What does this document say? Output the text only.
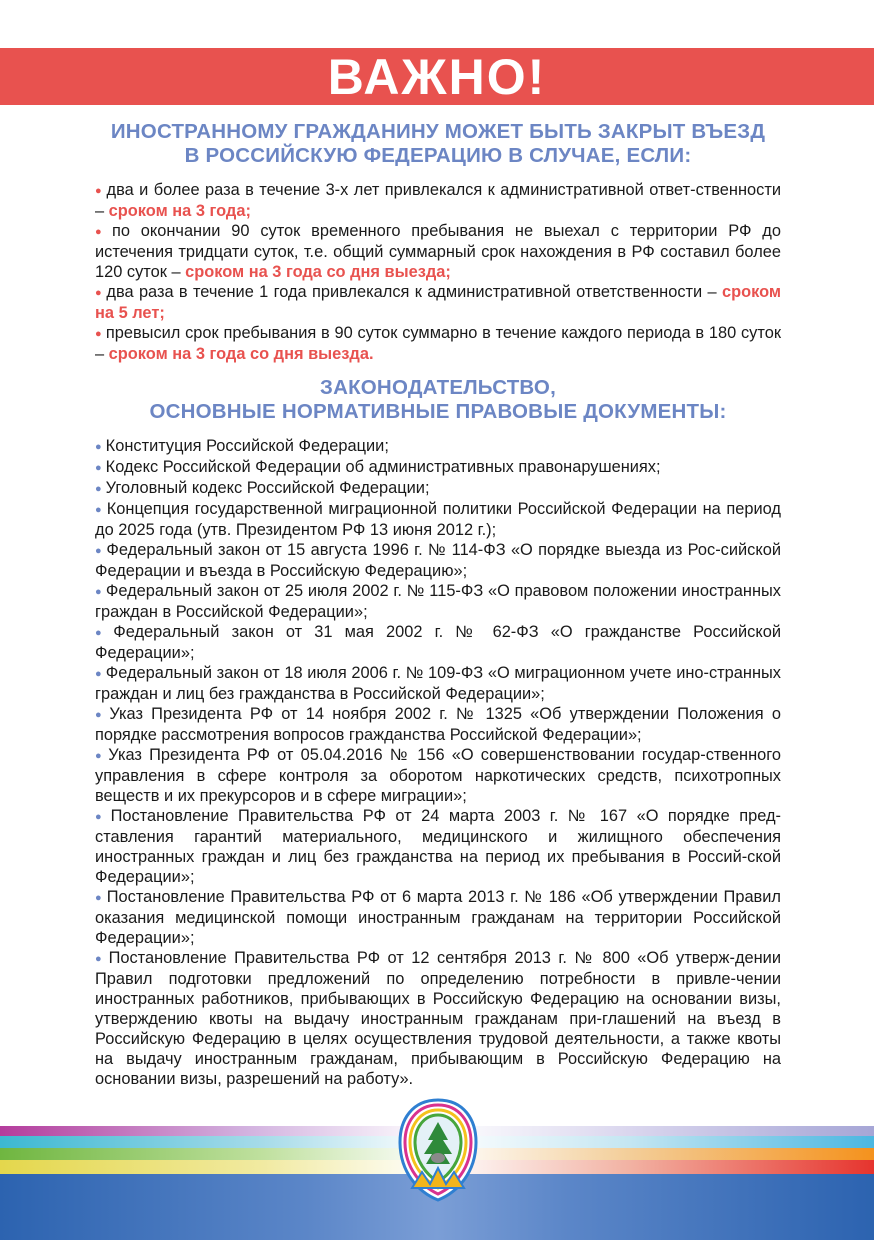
ВАЖНО!
ИНОСТРАННОМУ ГРАЖДАНИНУ МОЖЕТ БЫТЬ ЗАКРЫТ ВЪЕЗД
В РОССИЙСКУЮ ФЕДЕРАЦИЮ В СЛУЧАЕ, ЕСЛИ:
● два и более раза в течение 3-х лет привлекался к административной ответ-ственности – сроком на 3 года;
● по окончании 90 суток временного пребывания не выехал с территории РФ до истечения тридцати суток, т.е. общий суммарный срок нахождения в РФ составил более 120 суток – сроком на 3 года со дня выезда;
● два раза в течение 1 года привлекался к административной ответственности – сроком на 5 лет;
● превысил срок пребывания в 90 суток суммарно в течение каждого периода в 180 суток – сроком на 3 года со дня выезда.
ЗАКОНОДАТЕЛЬСТВО,
ОСНОВНЫЕ НОРМАТИВНЫЕ ПРАВОВЫЕ ДОКУМЕНТЫ:
● Конституция Российской Федерации;
● Кодекс Российской Федерации об административных правонарушениях;
● Уголовный кодекс Российской Федерации;
● Концепция государственной миграционной политики Российской Федерации на период до 2025 года (утв. Президентом РФ 13 июня 2012 г.);
● Федеральный закон от 15 августа 1996 г. № 114-ФЗ «О порядке выезда из Рос-сийской Федерации и въезда в Российскую Федерацию»;
● Федеральный закон от 25 июля 2002 г. № 115-ФЗ «О правовом положении иностранных граждан в Российской Федерации»;
● Федеральный закон от 31 мая 2002 г. № 62-ФЗ «О гражданстве Российской Федерации»;
● Федеральный закон от 18 июля 2006 г. № 109-ФЗ «О миграционном учете ино-странных граждан и лиц без гражданства в Российской Федерации»;
● Указ Президента РФ от 14 ноября 2002 г. № 1325 «Об утверждении Положения о порядке рассмотрения вопросов гражданства Российской Федерации»;
● Указ Президента РФ от 05.04.2016 № 156 «О совершенствовании государ-ственного управления в сфере контроля за оборотом наркотических средств, психотропных веществ и их прекурсоров и в сфере миграции»;
● Постановление Правительства РФ от 24 марта 2003 г. № 167 «О порядке пред-ставления гарантий материального, медицинского и жилищного обеспечения иностранных граждан и лиц без гражданства на период их пребывания в Россий-ской Федерации»;
● Постановление Правительства РФ от 6 марта 2013 г. № 186 «Об утверждении Правил оказания медицинской помощи иностранным гражданам на территории Российской Федерации»;
● Постановление Правительства РФ от 12 сентября 2013 г. № 800 «Об утверж-дении Правил подготовки предложений по определению потребности в привле-чении иностранных работников, прибывающих в Российскую Федерацию на основании визы, утверждению квоты на выдачу иностранным гражданам при-глашений на въезд в Российскую Федерацию в целях осуществления трудовой деятельности, а также квоты на выдачу иностранным гражданам, прибывающим в Российскую Федерацию на основании визы, разрешений на работу».
